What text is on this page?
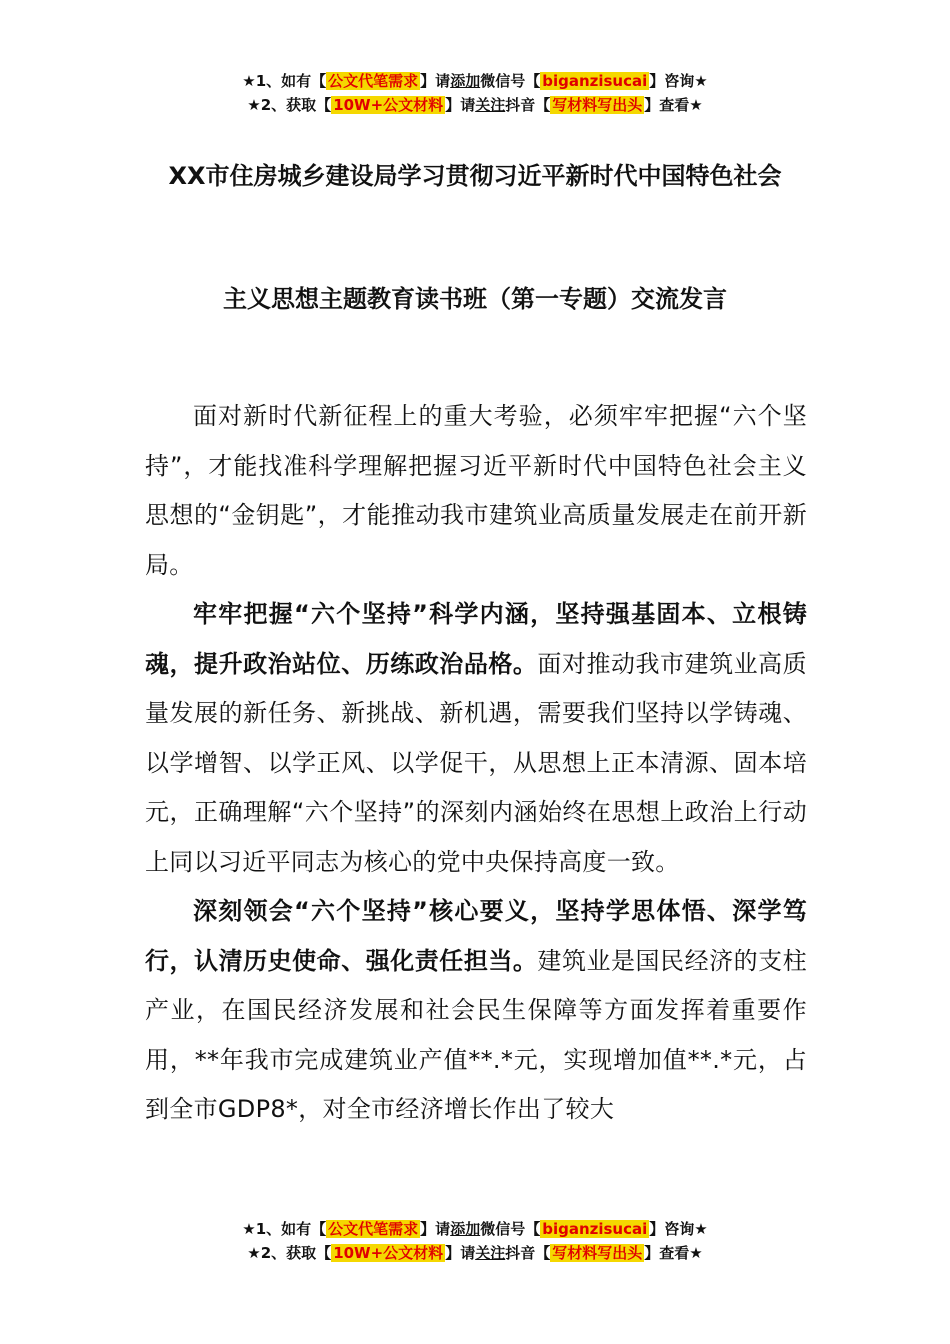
★1、如有【 公文代笔需求 】请添加微信号【 biganzisucai 】咨询★
★2、获取【 10W+公文材料 】请关注抖音【 写材料写出头 】查看★
XX市住房城乡建设局学习贯彻习近平新时代中国特色社会
主义思想主题教育读书班（第一专题）交流发言

面对新时代新征程上的重大考验，必须牢牢把握“六个坚持”，才能找准科学理解把握习近平新时代中国特色社会主义思想的“金钥匙”，才能推动我市建筑业高质量发展走在前开新局。

牢牢把握“六个坚持”科学内涵，坚持强基固本、立根铸魂，提升政治站位、历练政治品格。面对推动我市建筑业高质量发展的新任务、新挑战、新机遇，需要我们坚持以学铸魂、以学增智、以学正风、以学促干，从思想上正本清源、固本培元，正确理解“六个坚持”的深刻内涵始终在思想上政治上行动上同以习近平同志为核心的党中央保持高度一致。

深刻领会“六个坚持”核心要义，坚持学思体悟、深学笃行，认清历史使命、强化责任担当。建筑业是国民经济的支柱产业，在国民经济发展和社会民生保障等方面发挥着重要作用，**年我市完成建筑业产值**.*元，实现增加值**.*元，占到全市GDP8*，对全市经济增长作出了较大

★1、如有【 公文代笔需求 】请添加微信号【 biganzisucai 】咨询★
★2、获取【 10W+公文材料 】请关注抖音【 写材料写出头 】查看★
